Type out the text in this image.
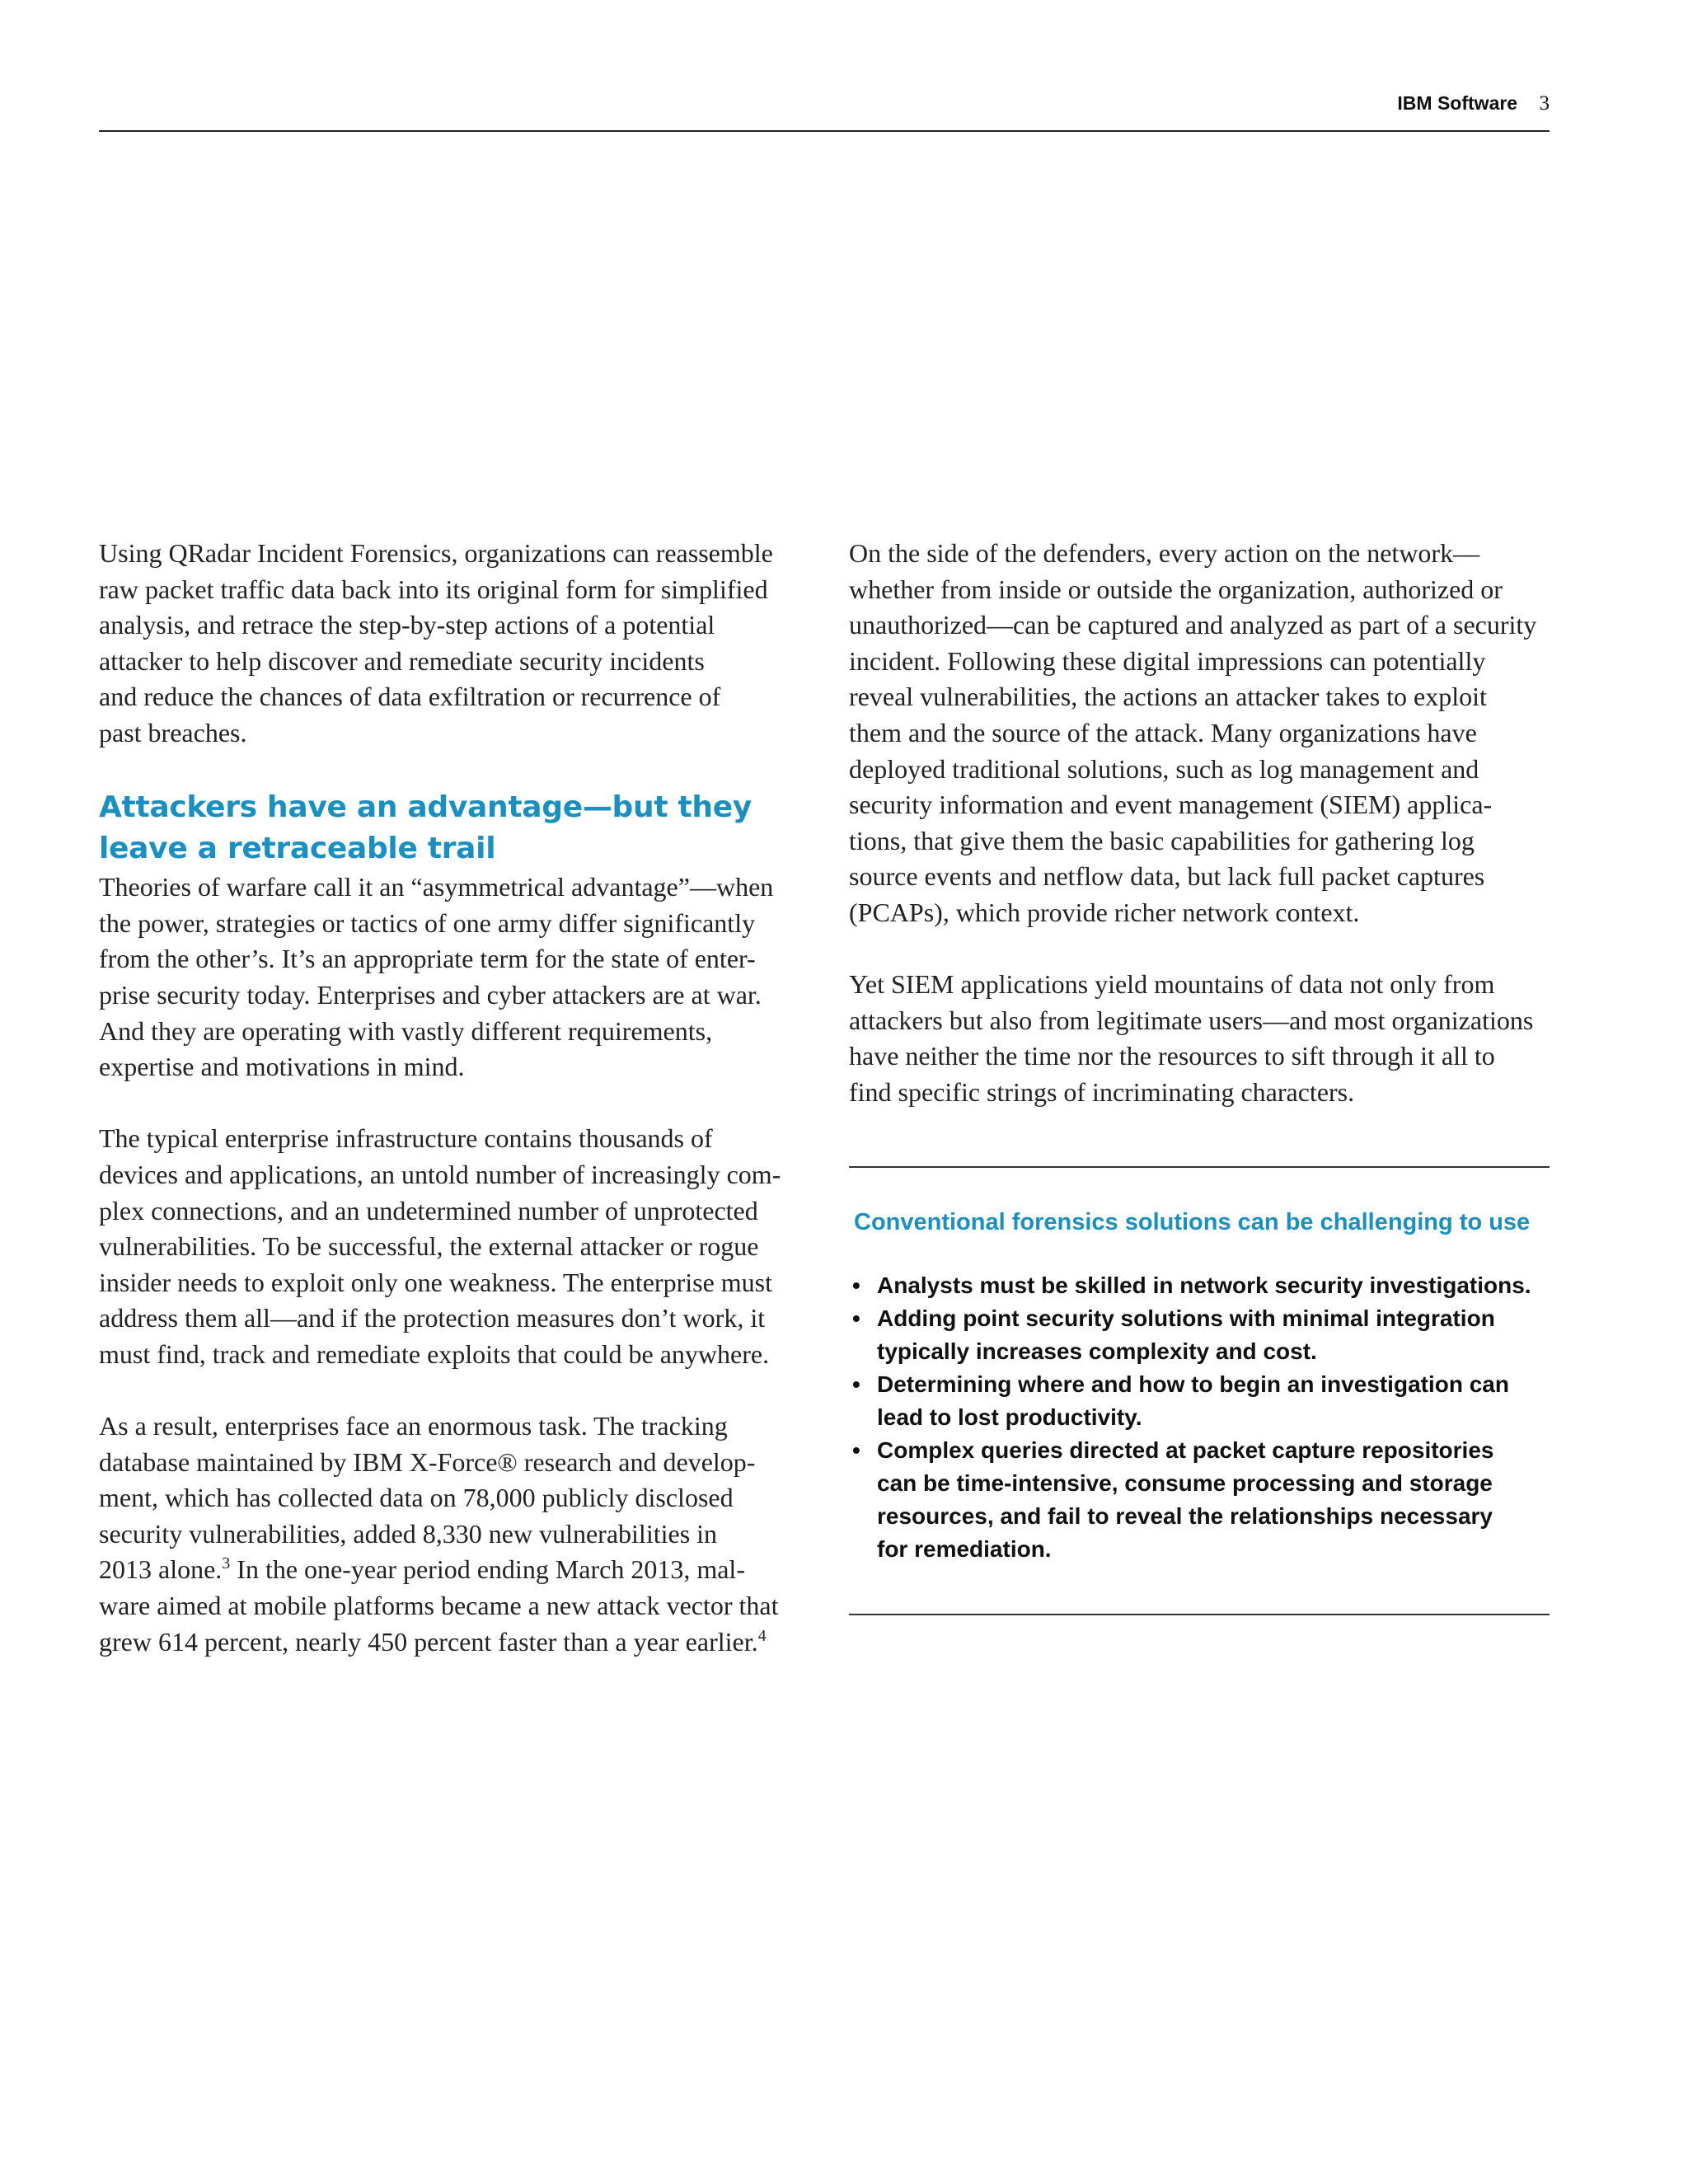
IBM Software 3

Using QRadar Incident Forensics, organizations can reassemble
raw packet traffic data back into its original form for simplified
analysis, and retrace the step-by-step actions of a potential
attacker to help discover and remediate security incidents
and reduce the chances of data exfiltration or recurrence of
past breaches.

Attackers have an advantage—but they
leave a retraceable trail

Theories of warfare call it an “asymmetrical advantage”—when
the power, strategies or tactics of one army differ significantly
from the other’s. It’s an appropriate term for the state of enter-
prise security today. Enterprises and cyber attackers are at war.
And they are operating with vastly different requirements,
expertise and motivations in mind.

The typical enterprise infrastructure contains thousands of
devices and applications, an untold number of increasingly com-
plex connections, and an undetermined number of unprotected
vulnerabilities. To be successful, the external attacker or rogue
insider needs to exploit only one weakness. The enterprise must
address them all—and if the protection measures don’t work, it
must find, track and remediate exploits that could be anywhere.

As a result, enterprises face an enormous task. The tracking
database maintained by IBM X-Force® research and develop-
ment, which has collected data on 78,000 publicly disclosed
security vulnerabilities, added 8,330 new vulnerabilities in
2013 alone.$^3$ In the one-year period ending March 2013, mal-
ware aimed at mobile platforms became a new attack vector that
grew 614 percent, nearly 450 percent faster than a year earlier.$^4$

On the side of the defenders, every action on the network—
whether from inside or outside the organization, authorized or
unauthorized—can be captured and analyzed as part of a security
incident. Following these digital impressions can potentially
reveal vulnerabilities, the actions an attacker takes to exploit
them and the source of the attack. Many organizations have
deployed traditional solutions, such as log management and
security information and event management (SIEM) applica-
tions, that give them the basic capabilities for gathering log
source events and netflow data, but lack full packet captures
(PCAPs), which provide richer network context.

Yet SIEM applications yield mountains of data not only from
attackers but also from legitimate users—and most organizations
have neither the time nor the resources to sift through it all to
find specific strings of incriminating characters.

Conventional forensics solutions can be challenging to use
• Analysts must be skilled in network security investigations.
• Adding point security solutions with minimal integration
typically increases complexity and cost.
• Determining where and how to begin an investigation can
lead to lost productivity.
• Complex queries directed at packet capture repositories
can be time-intensive, consume processing and storage
resources, and fail to reveal the relationships necessary
for remediation.
